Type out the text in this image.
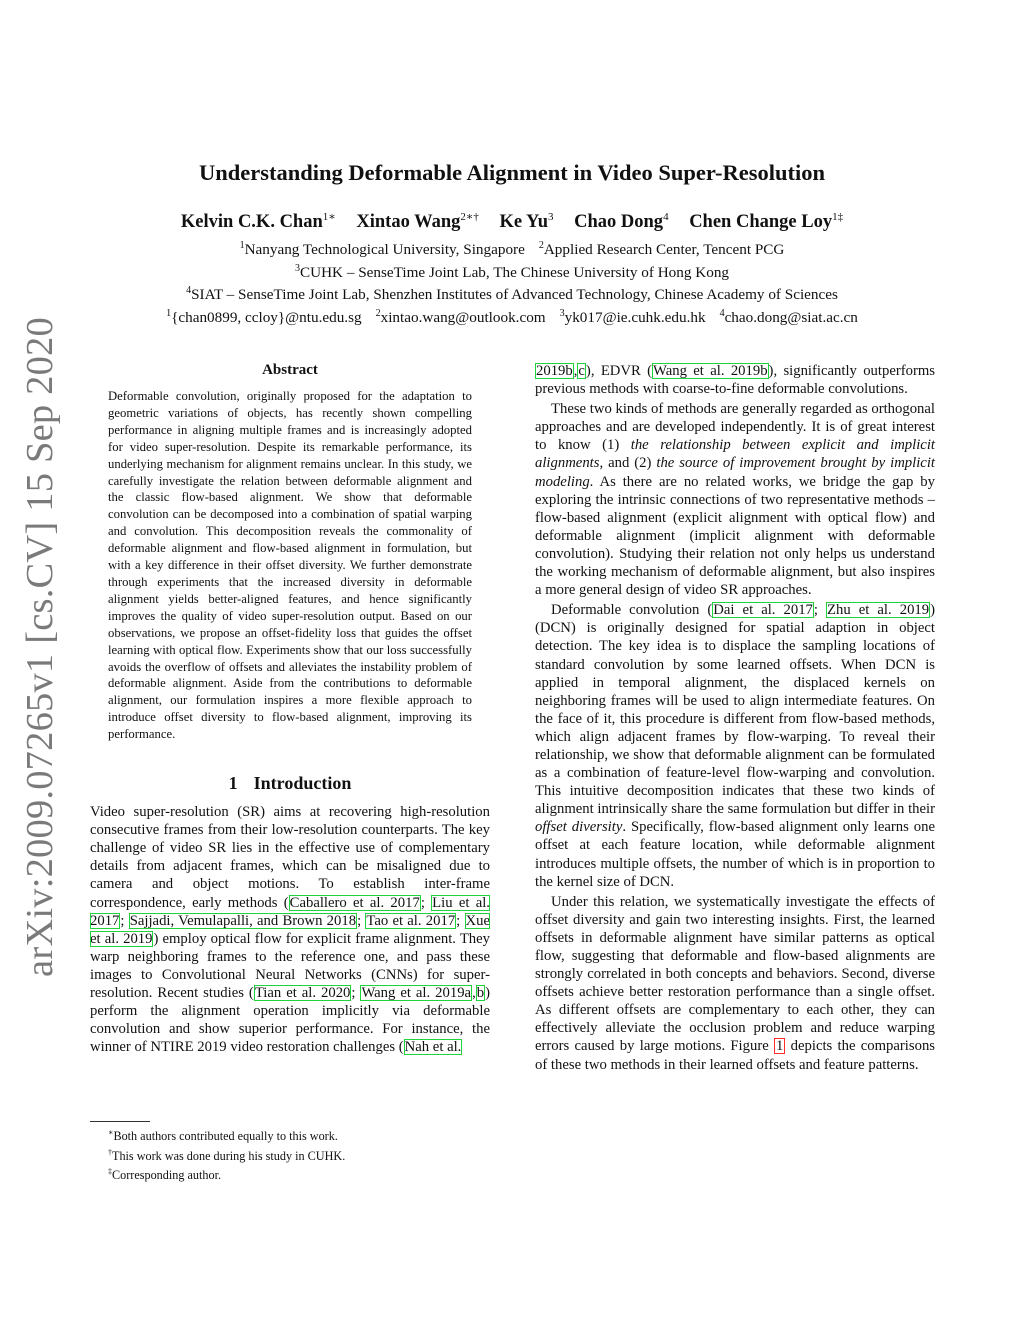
arXiv:2009.07265v1 [cs.CV] 15 Sep 2020
Understanding Deformable Alignment in Video Super-Resolution
Kelvin C.K. Chan$^{1∗}$ Xintao Wang$^{2∗\dagger}$ Ke Yu$^3$ Chao Dong$^4$ Chen Change Loy$^{1\ddagger}$
$^1$Nanyang Technological University, Singapore $^2$Applied Research Center, Tencent PCG
$^3$CUHK – SenseTime Joint Lab, The Chinese University of Hong Kong
$^4$SIAT – SenseTime Joint Lab, Shenzhen Institutes of Advanced Technology, Chinese Academy of Sciences
$^1${chan0899, ccloy}@ntu.edu.sg $^2$xintao.wang@outlook.com $^3$yk017@ie.cuhk.edu.hk $^4$chao.dong@siat.ac.cn
Abstract

Deformable convolution, originally proposed for the adaptation to geometric variations of objects, has recently shown compelling performance in aligning multiple frames and is increasingly adopted for video super-resolution. Despite its remarkable performance, its underlying mechanism for alignment remains unclear. In this study, we carefully investigate the relation between deformable alignment and the classic flow-based alignment. We show that deformable convolution can be decomposed into a combination of spatial warping and convolution. This decomposition reveals the commonality of deformable alignment and flow-based alignment in formulation, but with a key difference in their offset diversity. We further demonstrate through experiments that the increased diversity in deformable alignment yields better-aligned features, and hence significantly improves the quality of video super-resolution output. Based on our observations, we propose an offset-fidelity loss that guides the offset learning with optical flow. Experiments show that our loss successfully avoids the overflow of offsets and alleviates the instability problem of deformable alignment. Aside from the contributions to deformable alignment, our formulation inspires a more flexible approach to introduce offset diversity to flow-based alignment, improving its performance.

1 Introduction

Video super-resolution (SR) aims at recovering high-resolution consecutive frames from their low-resolution counterparts. The key challenge of video SR lies in the effective use of complementary details from adjacent frames, which can be misaligned due to camera and object motions. To establish inter-frame correspondence, early methods (Caballero et al. 2017; Liu et al. 2017; Sajjadi, Vemulapalli, and Brown 2018; Tao et al. 2017; Xue et al. 2019) employ optical flow for explicit frame alignment. They warp neighboring frames to the reference one, and pass these images to Convolutional Neural Networks (CNNs) for super-resolution. Recent studies (Tian et al. 2020; Wang et al. 2019a,b) perform the alignment operation implicitly via deformable convolution and show superior performance. For instance, the winner of NTIRE 2019 video restoration challenges (Nah et al.

∗Both authors contributed equally to this work.
†This work was done during his study in CUHK.
‡Corresponding author.

2019b,c), EDVR (Wang et al. 2019b), significantly outperforms previous methods with coarse-to-fine deformable convolutions.

These two kinds of methods are generally regarded as orthogonal approaches and are developed independently. It is of great interest to know (1) the relationship between explicit and implicit alignments, and (2) the source of improvement brought by implicit modeling. As there are no related works, we bridge the gap by exploring the intrinsic connections of two representative methods – flow-based alignment (explicit alignment with optical flow) and deformable alignment (implicit alignment with deformable convolution). Studying their relation not only helps us understand the working mechanism of deformable alignment, but also inspires a more general design of video SR approaches.

Deformable convolution (Dai et al. 2017; Zhu et al. 2019) (DCN) is originally designed for spatial adaption in object detection. The key idea is to displace the sampling locations of standard convolution by some learned offsets. When DCN is applied in temporal alignment, the displaced kernels on neighboring frames will be used to align intermediate features. On the face of it, this procedure is different from flow-based methods, which align adjacent frames by flow-warping. To reveal their relationship, we show that deformable alignment can be formulated as a combination of feature-level flow-warping and convolution. This intuitive decomposition indicates that these two kinds of alignment intrinsically share the same formulation but differ in their offset diversity. Specifically, flow-based alignment only learns one offset at each feature location, while deformable alignment introduces multiple offsets, the number of which is in proportion to the kernel size of DCN.

Under this relation, we systematically investigate the effects of offset diversity and gain two interesting insights. First, the learned offsets in deformable alignment have similar patterns as optical flow, suggesting that deformable and flow-based alignments are strongly correlated in both concepts and behaviors. Second, diverse offsets achieve better restoration performance than a single offset. As different offsets are complementary to each other, they can effectively alleviate the occlusion problem and reduce warping errors caused by large motions. Figure 1 depicts the comparisons of these two methods in their learned offsets and feature patterns.
